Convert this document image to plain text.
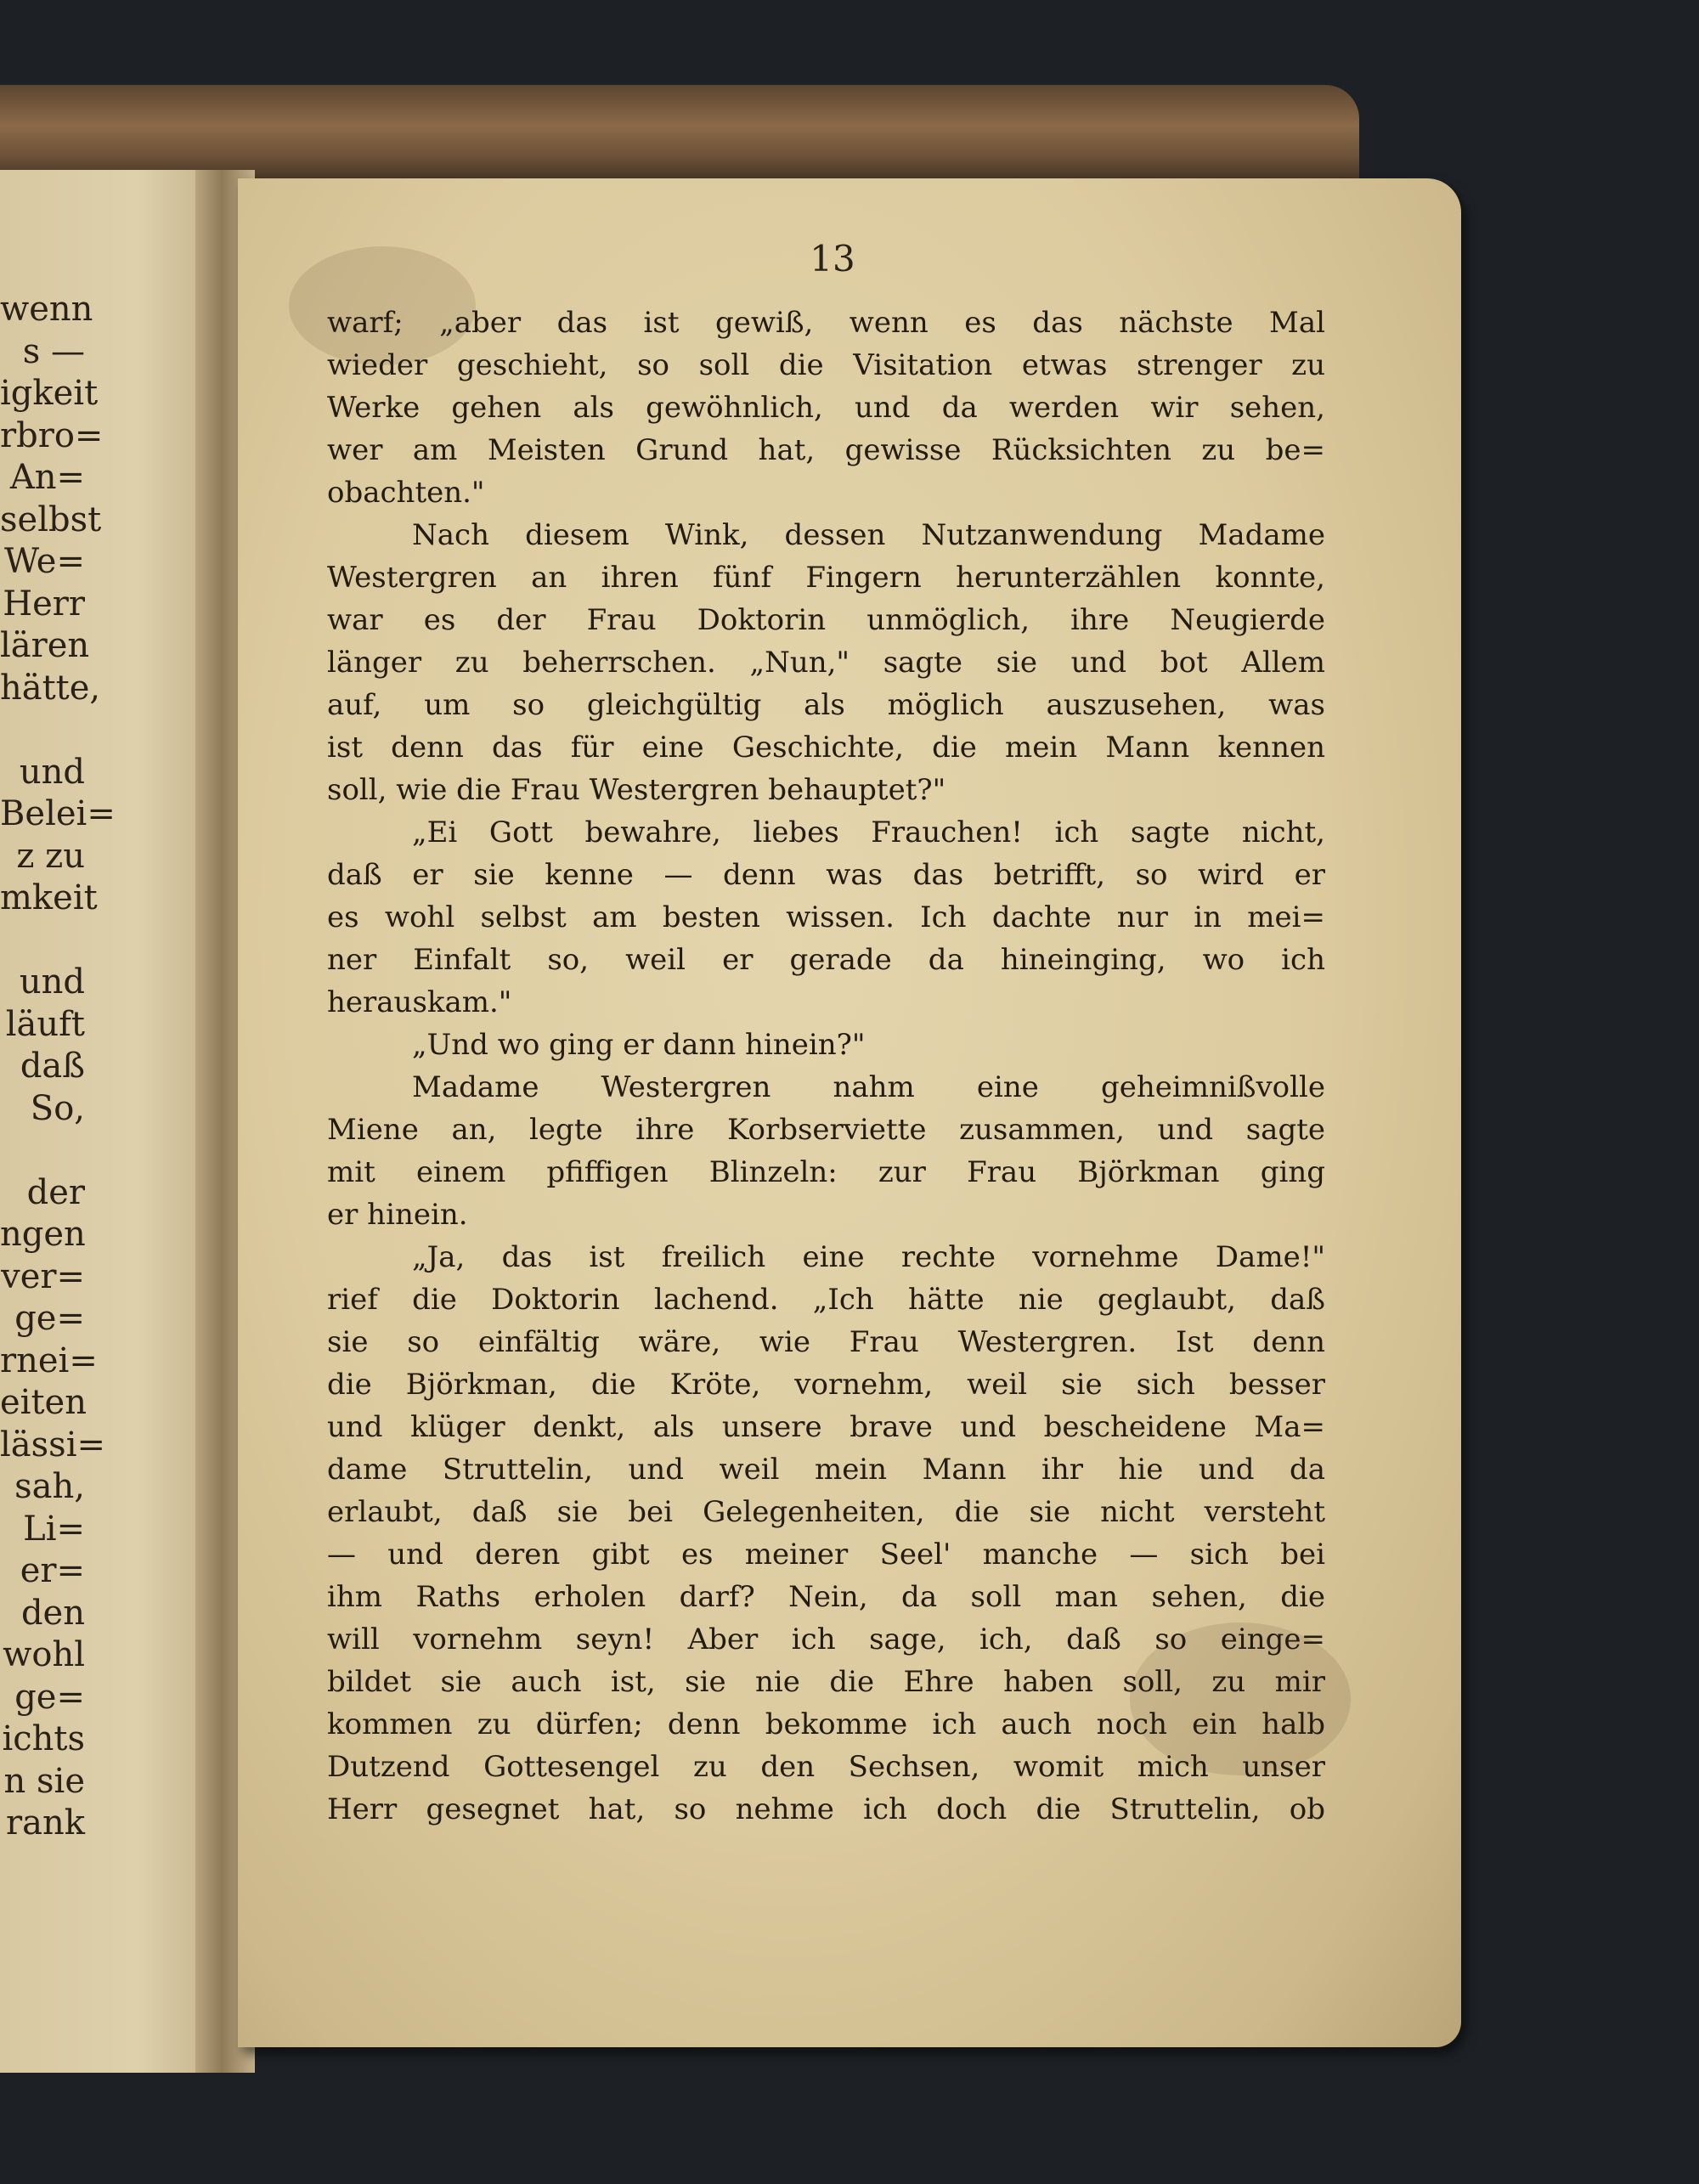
wenn
s —
igkeit
rbro=
An=
selbst
We=
Herr
lären
hätte,
und
Belei=
z zu
mkeit
und
läuft
daß
So,
der
ngen
ver=
ge=
rnei=
eiten
lässi=
sah,
Li=
er=
den
wohl
ge=
ichts
n sie
rank
13
warf; „aber das ist gewiß, wenn es das nächste Mal
wieder geschieht, so soll die Visitation etwas strenger zu
Werke gehen als gewöhnlich, und da werden wir sehen,
wer am Meisten Grund hat, gewisse Rücksichten zu be=
obachten."
Nach diesem Wink, dessen Nutzanwendung Madame
Westergren an ihren fünf Fingern herunterzählen konnte,
war es der Frau Doktorin unmöglich, ihre Neugierde
länger zu beherrschen. „Nun," sagte sie und bot Allem
auf, um so gleichgültig als möglich auszusehen, was
ist denn das für eine Geschichte, die mein Mann kennen
soll, wie die Frau Westergren behauptet?"
„Ei Gott bewahre, liebes Frauchen! ich sagte nicht,
daß er sie kenne — denn was das betrifft, so wird er
es wohl selbst am besten wissen. Ich dachte nur in mei=
ner Einfalt so, weil er gerade da hineinging, wo ich
herauskam."
„Und wo ging er dann hinein?"
Madame Westergren nahm eine geheimnißvolle
Miene an, legte ihre Korbserviette zusammen, und sagte
mit einem pfiffigen Blinzeln: zur Frau Björkman ging
er hinein.
„Ja, das ist freilich eine rechte vornehme Dame!"
rief die Doktorin lachend. „Ich hätte nie geglaubt, daß
sie so einfältig wäre, wie Frau Westergren. Ist denn
die Björkman, die Kröte, vornehm, weil sie sich besser
und klüger denkt, als unsere brave und bescheidene Ma=
dame Struttelin, und weil mein Mann ihr hie und da
erlaubt, daß sie bei Gelegenheiten, die sie nicht versteht
— und deren gibt es meiner Seel' manche — sich bei
ihm Raths erholen darf? Nein, da soll man sehen, die
will vornehm seyn! Aber ich sage, ich, daß so einge=
bildet sie auch ist, sie nie die Ehre haben soll, zu mir
kommen zu dürfen; denn bekomme ich auch noch ein halb
Dutzend Gottesengel zu den Sechsen, womit mich unser
Herr gesegnet hat, so nehme ich doch die Struttelin, ob
